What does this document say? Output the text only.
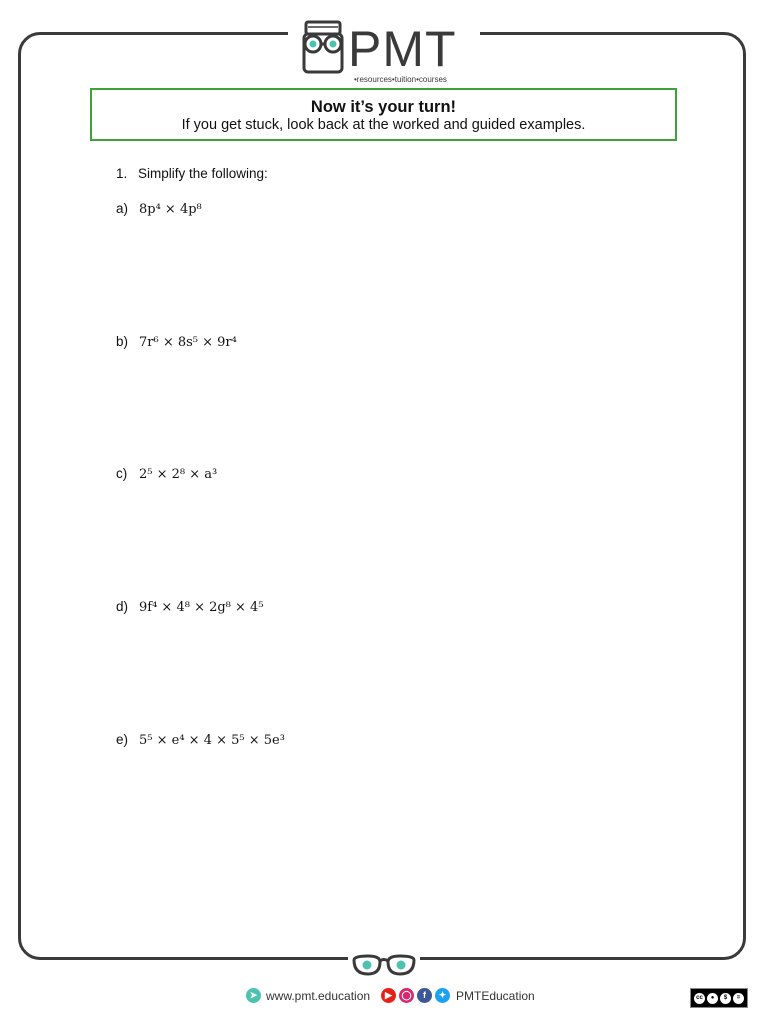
PMT
•resources•tuition•courses
Now it’s your turn!
If you get stuck, look back at the worked and guided examples.
1. Simplify the following:
a) 8p⁴ × 4p⁸
b) 7r⁶ × 8s⁵ × 9r⁴
c) 2⁵ × 2⁸ × a³
d) 9f⁴ × 4⁸ × 2g⁸ × 4⁵
e) 5⁵ × e⁴ × 4 × 5⁵ × 5e³
➤ www.pmt.education	▶	◯	f	✦ PMTEducation	cc	●	$	=
